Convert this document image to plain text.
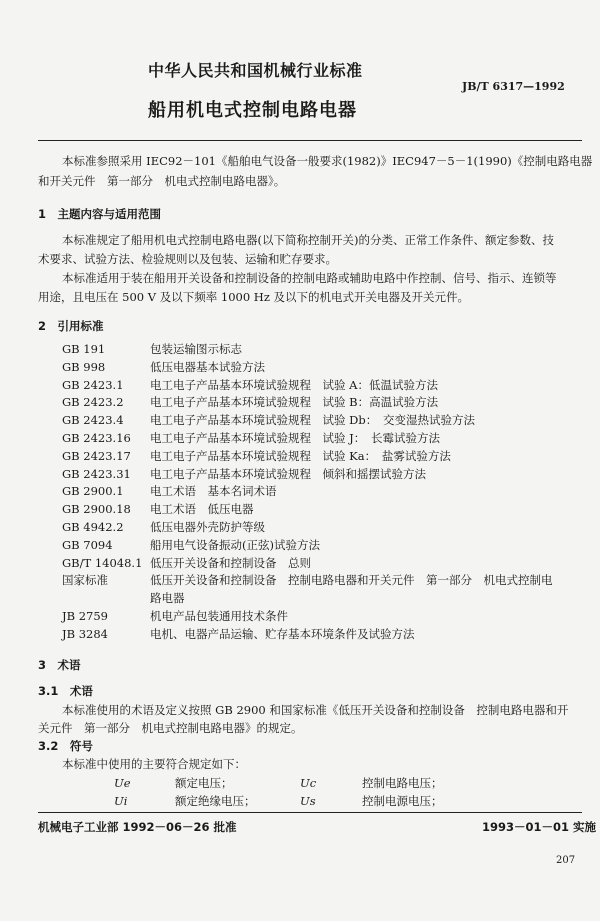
中华人民共和国机械行业标准
JB/T 6317—1992
船用机电式控制电路电器
本标准参照采用 IEC92－101《船舶电气设备一般要求(1982)》IEC947－5－1(1990)《控制电路电器
和开关元件　第一部分　机电式控制电路电器》。
1　主题内容与适用范围
本标准规定了船用机电式控制电路电器(以下简称控制开关)的分类、正常工作条件、额定参数、技
术要求、试验方法、检验规则以及包装、运输和贮存要求。
本标准适用于装在船用开关设备和控制设备的控制电路或辅助电路中作控制、信号、指示、连锁等
用途，且电压在 500 V 及以下频率 1000 Hz 及以下的机电式开关电器及开关元件。
2　引用标准
GB 191	包装运输图示标志
GB 998	低压电器基本试验方法
GB 2423.1 电工电子产品基本环境试验规程　试验 A：低温试验方法
GB 2423.2 电工电子产品基本环境试验规程　试验 B：高温试验方法
GB 2423.4 电工电子产品基本环境试验规程　试验 Db：　交变湿热试验方法
GB 2423.16 电工电子产品基本环境试验规程　试验 J：　长霉试验方法
GB 2423.17 电工电子产品基本环境试验规程　试验 Ka：　盐雾试验方法
GB 2423.31 电工电子产品基本环境试验规程　倾斜和摇摆试验方法
GB 2900.1 电工术语　基本名词术语
GB 2900.18 电工术语　低压电器
GB 4942.2 低压电器外壳防护等级
GB 7094	船用电气设备振动(正弦)试验方法
GB/T 14048.1 低压开关设备和控制设备　总则
国家标准	低压开关设备和控制设备　控制电路电器和开关元件　第一部分　机电式控制电
路电器
JB 2759	机电产品包装通用技术条件
JB 3284	电机、电器产品运输、贮存基本环境条件及试验方法
3　术语
3.1　术语
本标准使用的术语及定义按照 GB 2900 和国家标准《低压开关设备和控制设备　控制电路电器和开
关元件　第一部分　机电式控制电路电器》的规定。
3.2　符号
本标准中使用的主要符合规定如下：
Ue	额定电压；	Uc	控制电路电压；
Ui	额定绝缘电压；	Us	控制电源电压；
机械电子工业部 1992－06－26 批准	1993－01－01 实施
207
